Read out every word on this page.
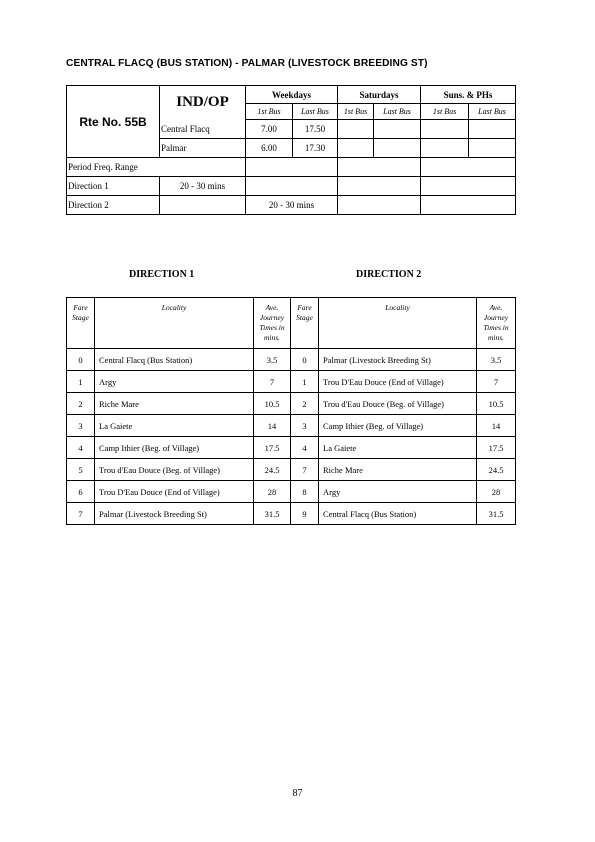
CENTRAL FLACQ (BUS STATION) - PALMAR (LIVESTOCK BREEDING ST)
Rte No. 55B	IND/OP	Weekdays		Saturdays		Suns. & PHs	
		1st Bus	Last Bus	1st Bus	Last Bus	1st Bus	Last Bus
	Central Flacq	7.00	17.50				
	Palmar	6.00	17.30				
Period Freq. Range							
Direction 1	20 - 30 mins						
Direction 2		20 - 30 mins					
DIRECTION 1	DIRECTION 2
Fare Stage	Locality	Ave. Journey Times in mins.	Fare Stage	Locality	Ave. Journey Times in mins.
0	Central Flacq (Bus Station)	3.5	0	Palmar (Livestock Breeding St)	3.5
1	Argy	7	1	Trou D'Eau Douce (End of Village)	7
2	Riche Mare	10.5	2	Trou d'Eau Douce (Beg. of Village)	10.5
3	La Gaiete	14	3	Camp Ithier (Beg. of Village)	14
4	Camp Ithier (Beg. of Village)	17.5	4	La Gaiete	17.5
5	Trou d'Eau Douce (Beg. of Village)	24.5	7	Riche Mare	24.5
6	Trou D'Eau Douce (End of Village)	28	8	Argy	28
7	Palmar (Livestock Breeding St)	31.5	9	Central Flacq (Bus Station)	31.5
87
